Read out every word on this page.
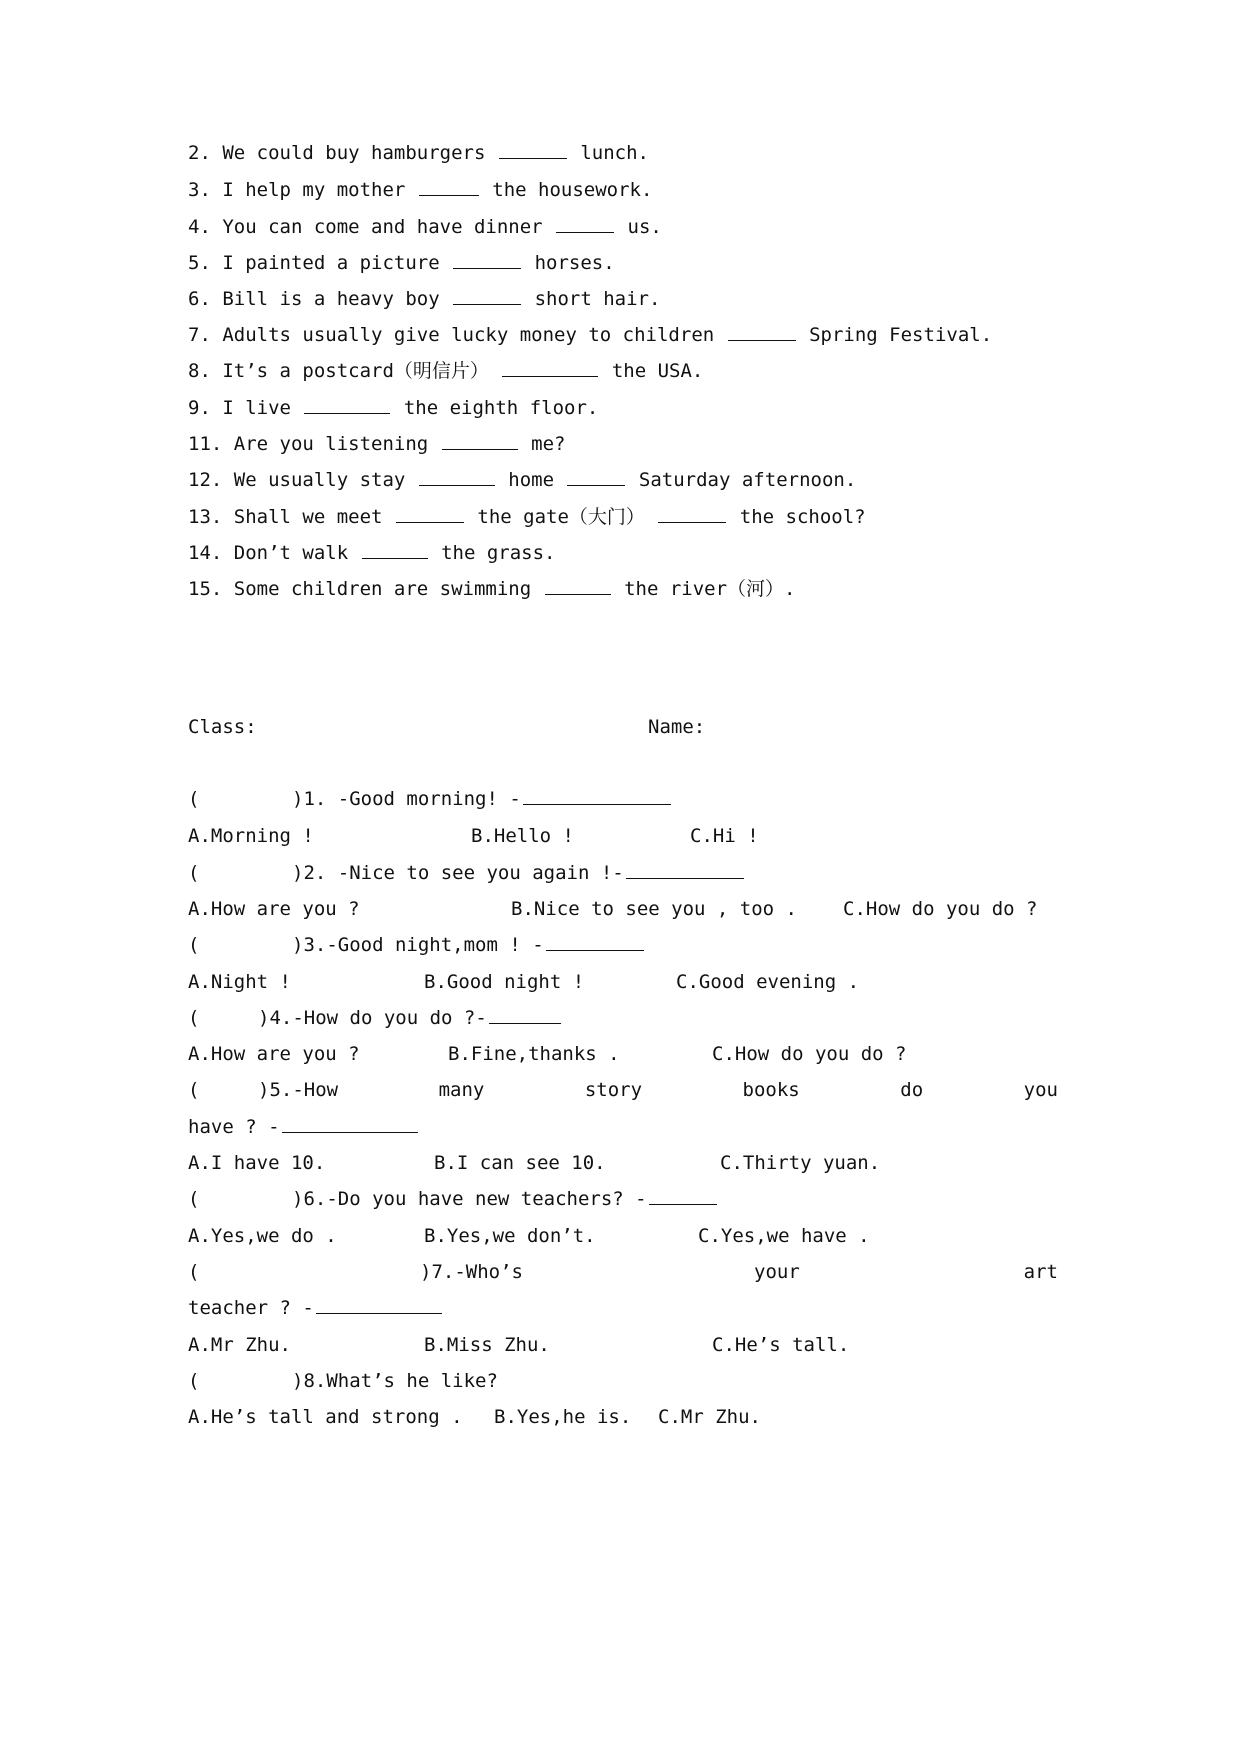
2. We could buy hamburgers	lunch.
3. I help my mother	the housework.
4. You can come and have dinner	us.
5. I painted a picture	horses.
6. Bill is a heavy boy	short hair.
7. Adults usually give lucky money to children	Spring Festival.
8. It’s a postcard（明信片）	the USA.
9. I live	the eighth floor.
11. Are you listening	me?
12. We usually stay	home	Saturday afternoon.
13. Shall we meet	the gate（大门）	the school?
14. Don’t walk	the grass.
15. Some children are swimming	the river（河）.
Class:	Name:
(	)1. -Good morning! -
A.Morning !	B.Hello !	C.Hi !
(	)2. -Nice to see you again !-
A.How are you ?	B.Nice to see you , too . C.How do you do ?
(	)3.-Good night,mom ! -
A.Night !	B.Good night !	C.Good evening .
(	)4.-How do you do ?-
A.How are you ?	B.Fine,thanks .	C.How do you do ?
(	)5.-How	many	story	books	do	you
have ? -
A.I have 10.	B.I can see 10.	C.Thirty yuan.
(	)6.-Do you have new teachers? -
A.Yes,we do .	B.Yes,we don’t.	C.Yes,we have .
(	)7.-Who’s	your	art
teacher ? -
A.Mr Zhu.	B.Miss Zhu.	C.He’s tall.
(	)8.What’s he like?
A.He’s tall and strong . B.Yes,he is. C.Mr Zhu.
